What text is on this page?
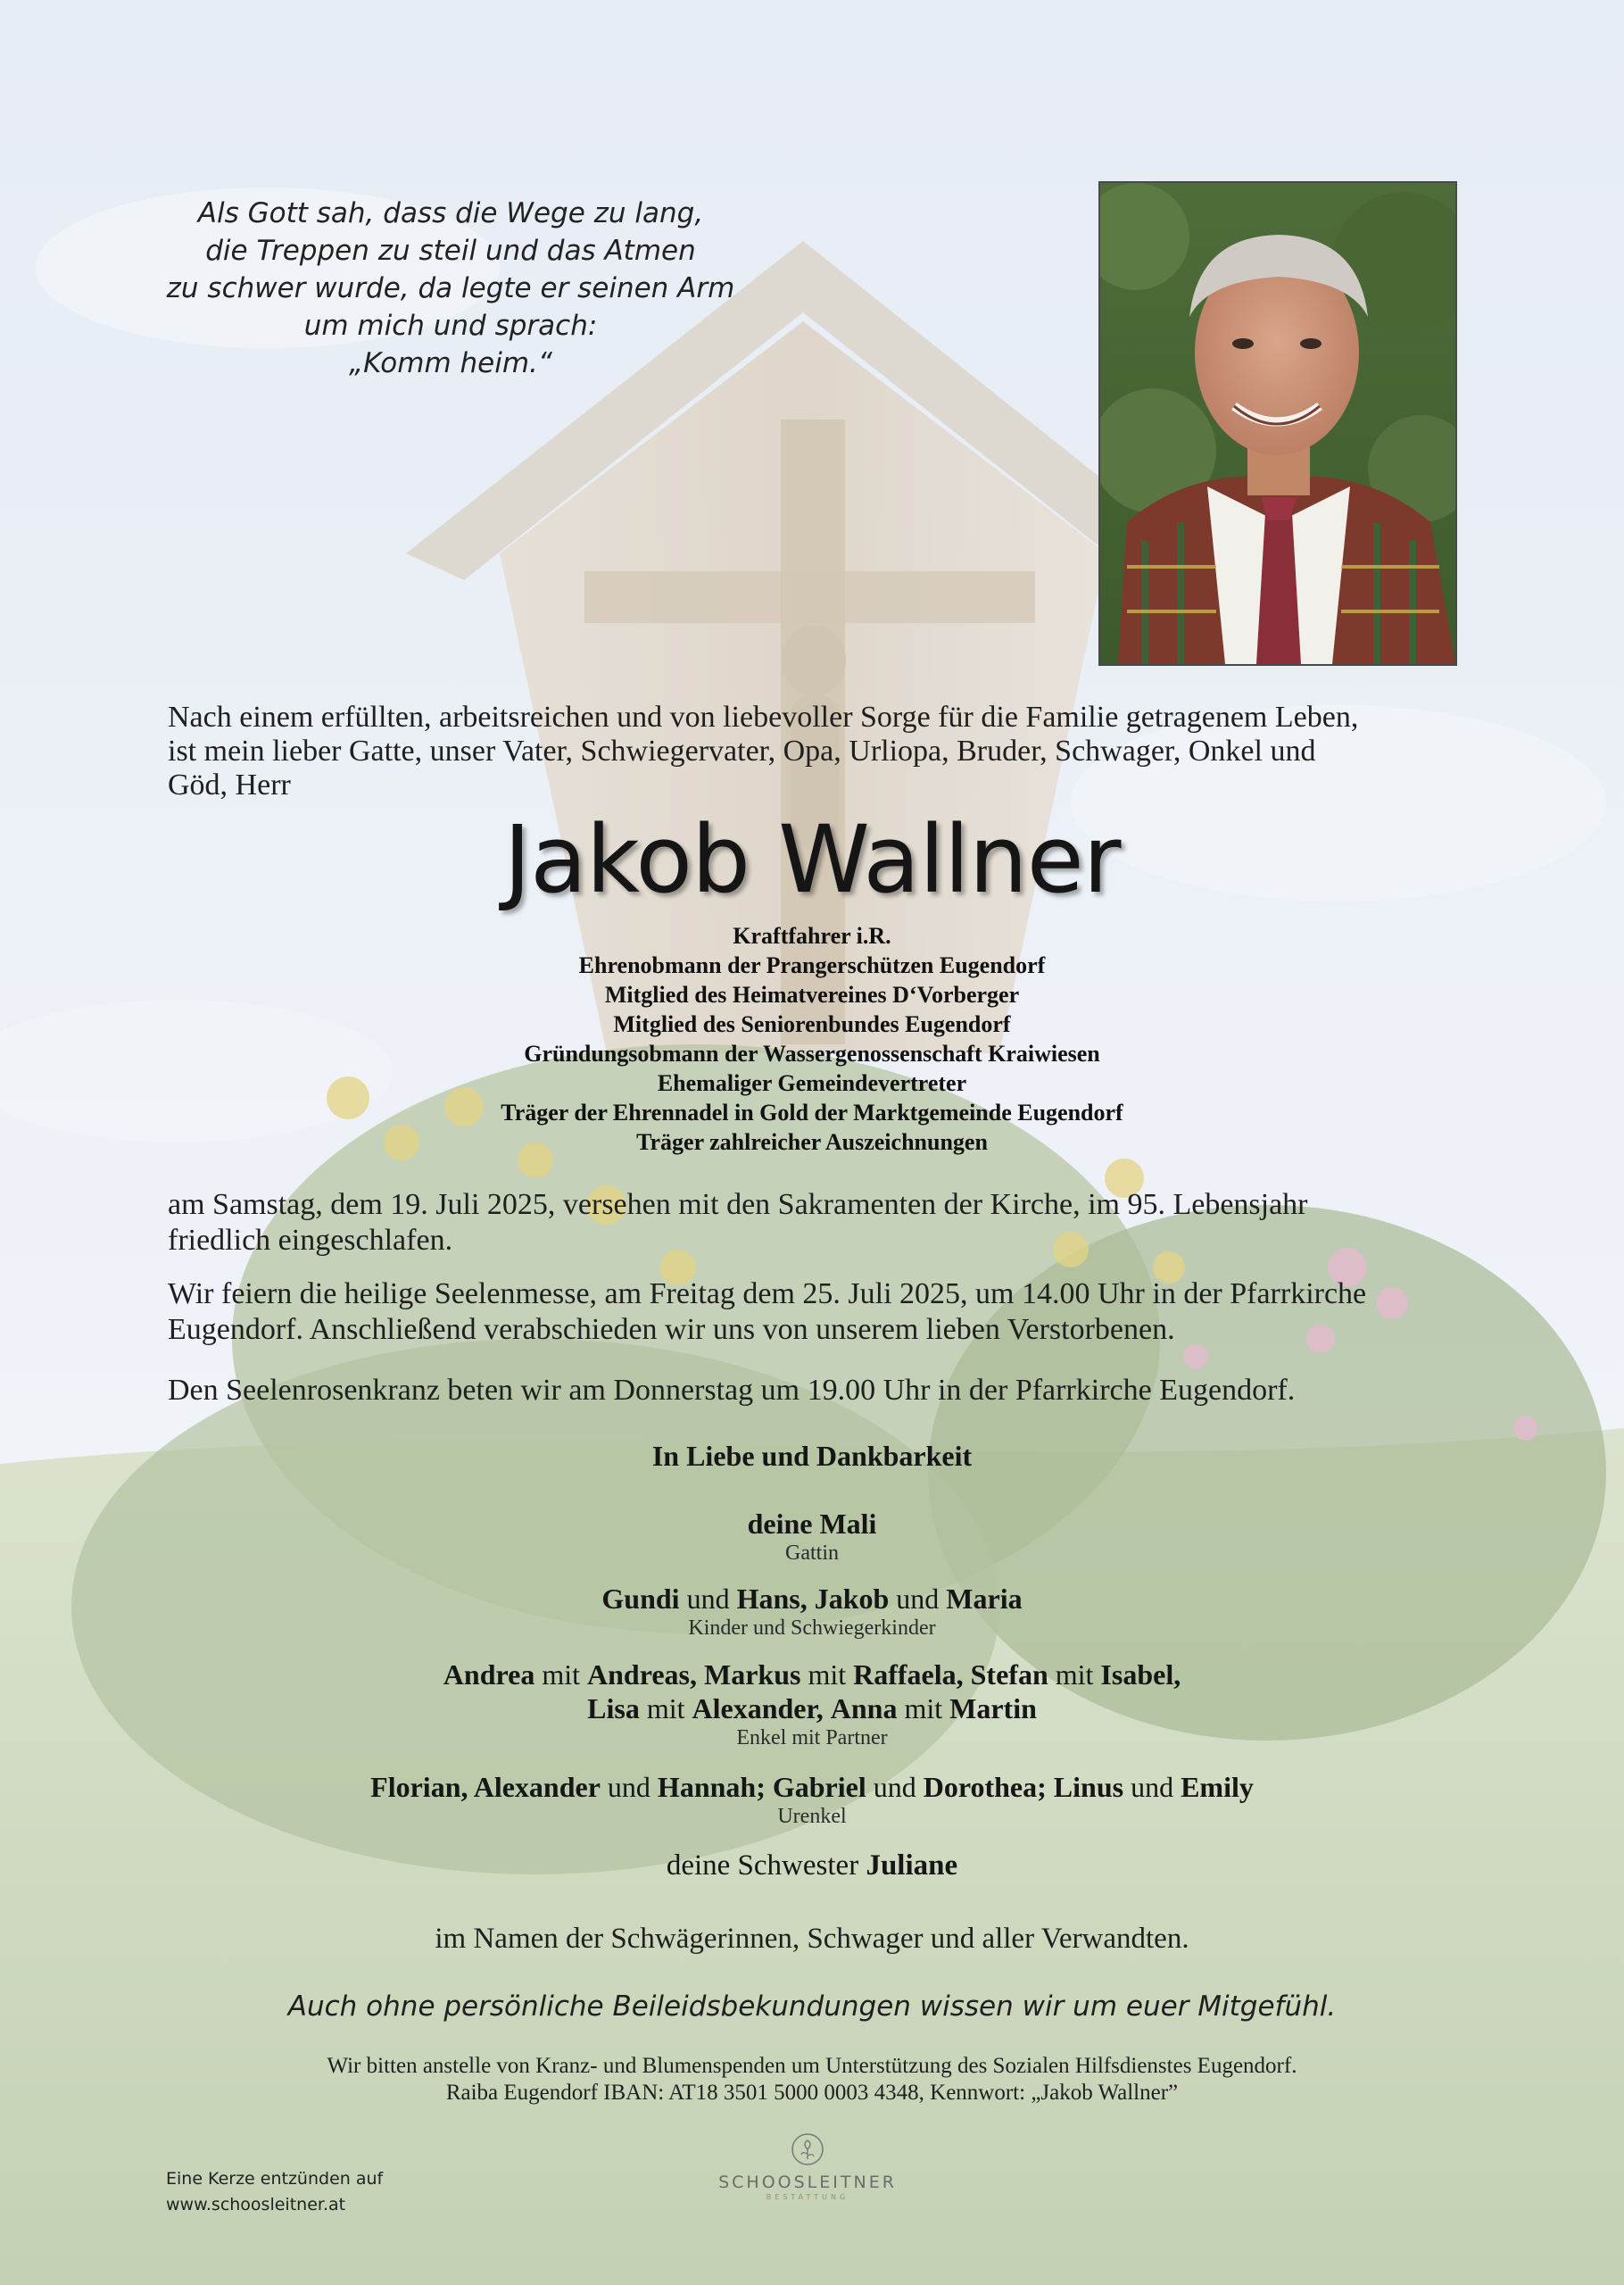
Als Gott sah, dass die Wege zu lang,
die Treppen zu steil und das Atmen
zu schwer wurde, da legte er seinen Arm
um mich und sprach:
„Komm heim.“
Nach einem erfüllten, arbeitsreichen und von liebevoller Sorge für die Familie getragenem Leben,
ist mein lieber Gatte, unser Vater, Schwiegervater, Opa, Urliopa, Bruder, Schwager, Onkel und
Göd, Herr
Jakob Wallner
Kraftfahrer i.R.
Ehrenobmann der Prangerschützen Eugendorf
Mitglied des Heimatvereines D‘Vorberger
Mitglied des Seniorenbundes Eugendorf
Gründungsobmann der Wassergenossenschaft Kraiwiesen
Ehemaliger Gemeindevertreter
Träger der Ehrennadel in Gold der Marktgemeinde Eugendorf
Träger zahlreicher Auszeichnungen
am Samstag, dem 19. Juli 2025, versehen mit den Sakramenten der Kirche, im 95. Lebensjahr
friedlich eingeschlafen.
Wir feiern die heilige Seelenmesse, am Freitag dem 25. Juli 2025, um 14.00 Uhr in der Pfarrkirche
Eugendorf. Anschließend verabschieden wir uns von unserem lieben Verstorbenen.
Den Seelenrosenkranz beten wir am Donnerstag um 19.00 Uhr in der Pfarrkirche Eugendorf.
In Liebe und Dankbarkeit
deine Mali
Gattin
Gundi und Hans, Jakob und Maria
Kinder und Schwiegerkinder
Andrea mit Andreas, Markus mit Raffaela, Stefan mit Isabel,
Lisa mit Alexander, Anna mit Martin
Enkel mit Partner
Florian, Alexander und Hannah; Gabriel und Dorothea; Linus und Emily
Urenkel
deine Schwester Juliane
im Namen der Schwägerinnen, Schwager und aller Verwandten.
Auch ohne persönliche Beileidsbekundungen wissen wir um euer Mitgefühl.
Wir bitten anstelle von Kranz- und Blumenspenden um Unterstützung des Sozialen Hilfsdienstes Eugendorf.
Raiba Eugendorf IBAN: AT18 3501 5000 0003 4348, Kennwort: „Jakob Wallner”
Eine Kerze entzünden auf
www.schoosleitner.at
SCHOOSLEITNER
BESTATTUNG
